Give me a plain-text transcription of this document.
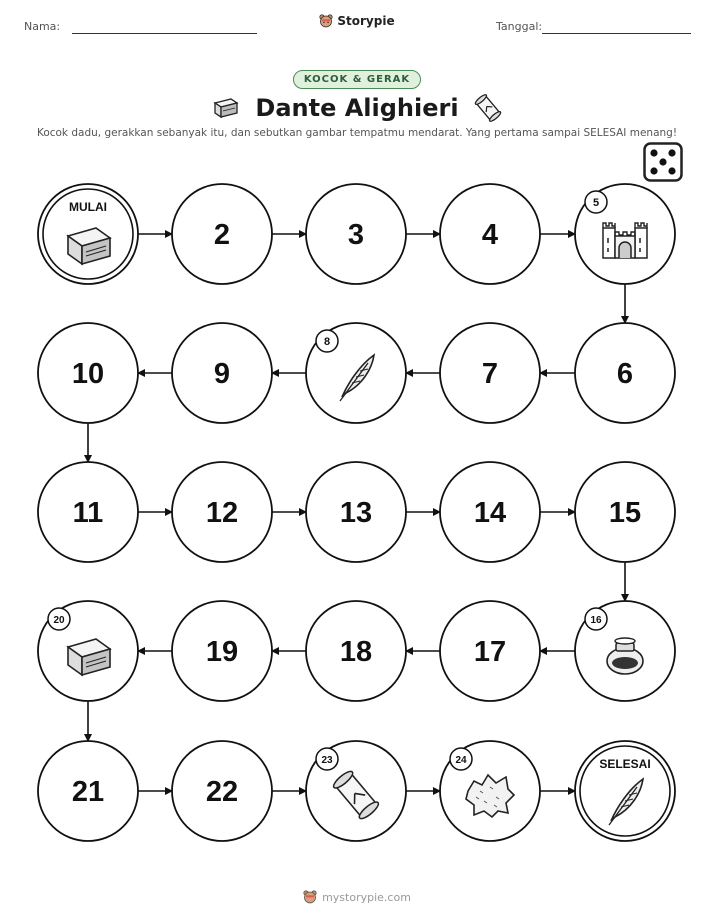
Nama:	Tanggal:
Storypie
KOCOK & GERAK
Dante Alighieri
Kocok dadu, gerakkan sebanyak itu, dan sebutkan gambar tempatmu mendarat. Yang pertama sampai SELESAI menang!
MULAI
2	3	4
5
6
7
8
9
10
11	12	13	14	15
16
17
18
19
20
21	22
23	24	SELESAI
mystorypie.com
